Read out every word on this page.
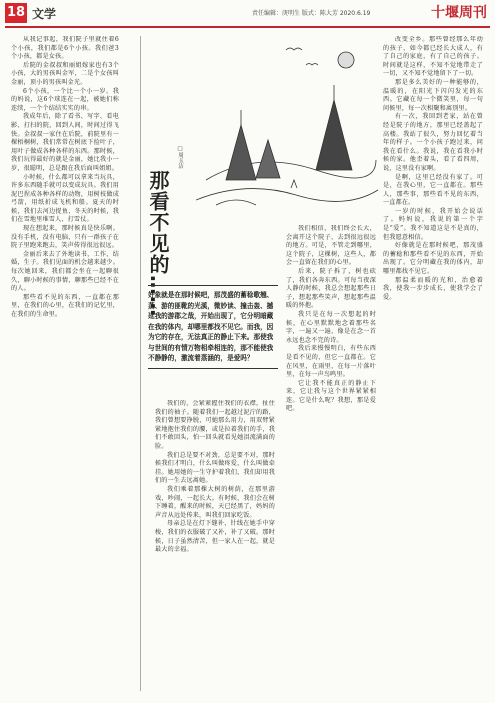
18 文学	责任编辑：庚明生 版式：陈大芳 2020.6.19	十堰周刊

从我记事起，我们院子里就住着6个小孩，我们都是6个小孩。我们爸3个小孩，都是女孩。

后院的金叔叔和丽姐嫁家也有3个小孩，大的男孩叫金军，二是个女孩叫金丽，顶小的男孩叫金光。

6个小孩，一个比一个小一岁。我的妈说，这6个球连在一起，被她们称连续，一个个结结实实的串。

我成年后，除了看书、写字、看电影、打扫的院，回到人间，时间过得飞快。金叔叔一家住在后院，前院里有一棵梧桐树，我们常常在树底下捡叶子，用叶子做成各种各样的东西。那时候，我们玩得最好的就是金丽，她比我小一岁，很聪明，总是跟在我后面叫姐姐。

小时候，什么都可以拿来当玩具，许多东西随手就可以变成玩具。我们用泥巴捏成各种各样的动物，用树枝做成弓箭，用纸折成飞机和船。夏天的时候，我们去河边捉鱼，冬天的时候，我们在雪地里堆雪人、打雪仗。

现在想起来，那时候真是快乐啊。没有手机，没有电脑，只有一群孩子在院子里跑来跑去，笑声传得很远很远。

金丽后来去了外地读书，工作，结婚，生子。我们见面的机会越来越少。每次她回来，我们都会坐在一起聊很久，聊小时候的事情，聊那些已经不在的人。

那些看不见的东西，一直都在那里，在我们的心里，在我们的记忆里，在我们的生命里。

□周玉洁
那看不见的……
好象就是在那时候吧，那茂盛的蓄稔歌翘、蒸、游的匪靴的光溪，微妙读、撞击轰、撼延我的游郡之哉，开始出现了，它分明暗藏在我的体内，却哪里都找不见它。而我，因为它的存在，无法真正的静止下来。那使我与世间的有情万物相牵相连的，那不能使我不静静的，激流着蒸涵的，是爱吗？

我们的，会紧紧握住我们的衣襟，扯住我们的袖子。随着我们一起越过泥泞的路，我们曾想要挣脱，可她那么用力，用双臂紧紧地抱住我们的腰，或是拉着我们的手，我们不敢回头，怕一回头就看见她泪流满面的脸。

我们总是要不对劲，总是要不对，那时候我们才明白，什么叫做疼爱，什么叫做牵挂。她用她的一生守护着我们，我们却用我们的一生去远离她。

我们乘着那棵大树的树荫，在那里游戏、吵闹，一起长大。有时候，我们会在树下睡着，醒来的时候，天已经黑了，妈妈的声音从远处传来，叫我们回家吃饭。

母亲总是在灯下缝补，针线在她手中穿梭，我们的衣服破了又补，补了又破。那时候，日子虽然清苦，但一家人在一起，就是最大的幸福。

我们相信，我们终会长大，会离开这个院子，去到很远很远的地方。可是，不管走到哪里，这个院子，这棵树，这些人，都会一直留在我们的心里。

后来，院子拆了，树也砍了，我们各奔东西。可每当夜深人静的时候，我总会想起那些日子，想起那些笑声，想起那些温暖的怀抱。

我只是在每一次想起的时候，在心里默默地念着那些名字，一遍又一遍，像是在念一首永远也念不完的诗。

我后来慢慢明白，有些东西是看不见的，但它一直都在。它在风里，在雨里，在每一片落叶里，在每一声鸟鸣里。

它让我不能真正的静止下来，它让我与这个世界紧紧相连。它是什么呢？我想，那是爱吧。

改变全乡。那些曾经那么年幼的孩子，如今都已经长大成人，有了自己的家庭，有了自己的孩子。时间就是这样，不知不觉地带走了一切，又不知不觉地留下了一切。

那是多么美好的一种能够的，温暖的，在阳光下闪闪发光的东西。它藏在每一个微笑里，每一句问候里，每一次相聚和离别里。

有一次，我回到老家，站在曾经是院子的地方，那里已经盖起了高楼。我站了很久，努力回忆着当年的样子。一个小孩子跑过来，问我在看什么。我说，我在看我小时候的家。他歪着头，看了看四周，说，这里没有家啊。

是啊，这里已经没有家了。可是，在我心里，它一直都在。那些人，那些事，那些看不见的东西，一直都在。

一岁的时候，我开始会说话了。妈妈说，我说的第一个字是“爱”。我不知道这是不是真的，但我愿意相信。

好像就是在那时候吧，那茂盛的蓄稔和那些看不见的东西，开始出现了。它分明藏在我的体内，却哪里都找不见它。

那温柔而暖的光和，治愈着我，使我一步步成长，使我学会了爱。
